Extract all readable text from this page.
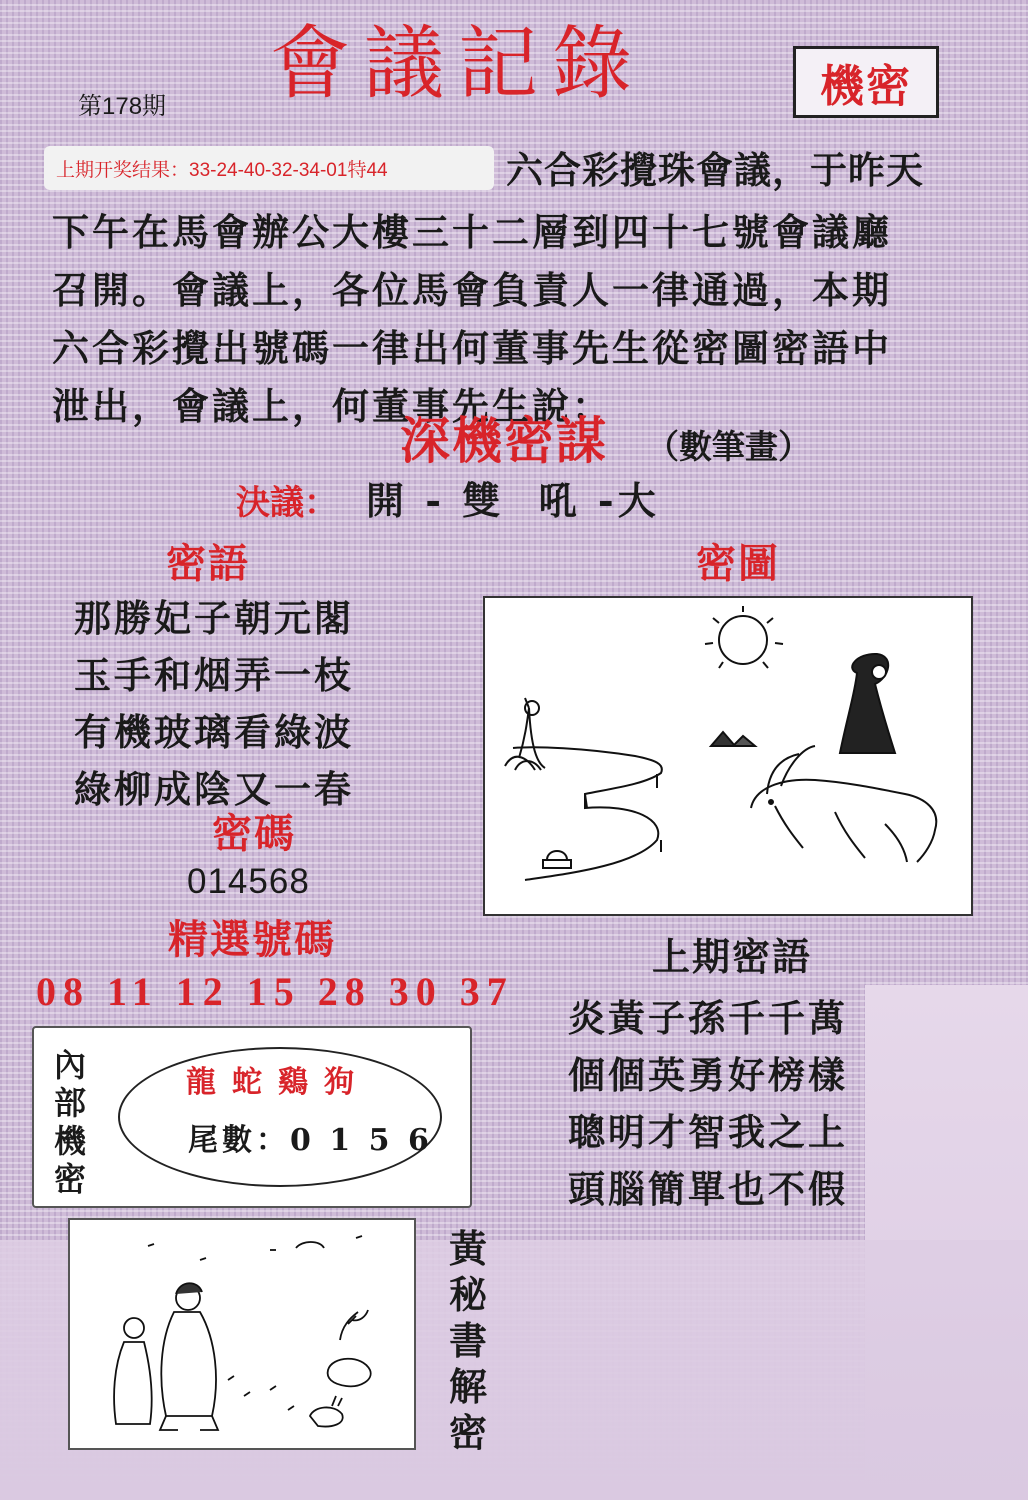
第178期 會議記錄	機密
上期开奖结果：33-24-40-32-34-01特44	六合彩攪珠會議，于昨天
下午在馬會辦公大樓三十二層到四十七號會議廳
召開。會議上，各位馬會負責人一律通過，本期
六合彩攪出號碼一律出何董事先生從密圖密語中
泄出，會議上，何董事先生說：
深機密謀 （數筆畫）
決議： 開 - 雙  吼 -大
密語
那勝妃子朝元閣
玉手和烟弄一枝
有機玻璃看綠波
綠柳成陰又一春
密圖
密碼
014568
精選號碼
08 11 12 15 28 30 37
上期密語
炎黃子孫千千萬
個個英勇好榜樣
聰明才智我之上
頭腦簡單也不假
內部機密
龍蛇鷄狗
尾數：0 1 5 6
黃秘書解密
